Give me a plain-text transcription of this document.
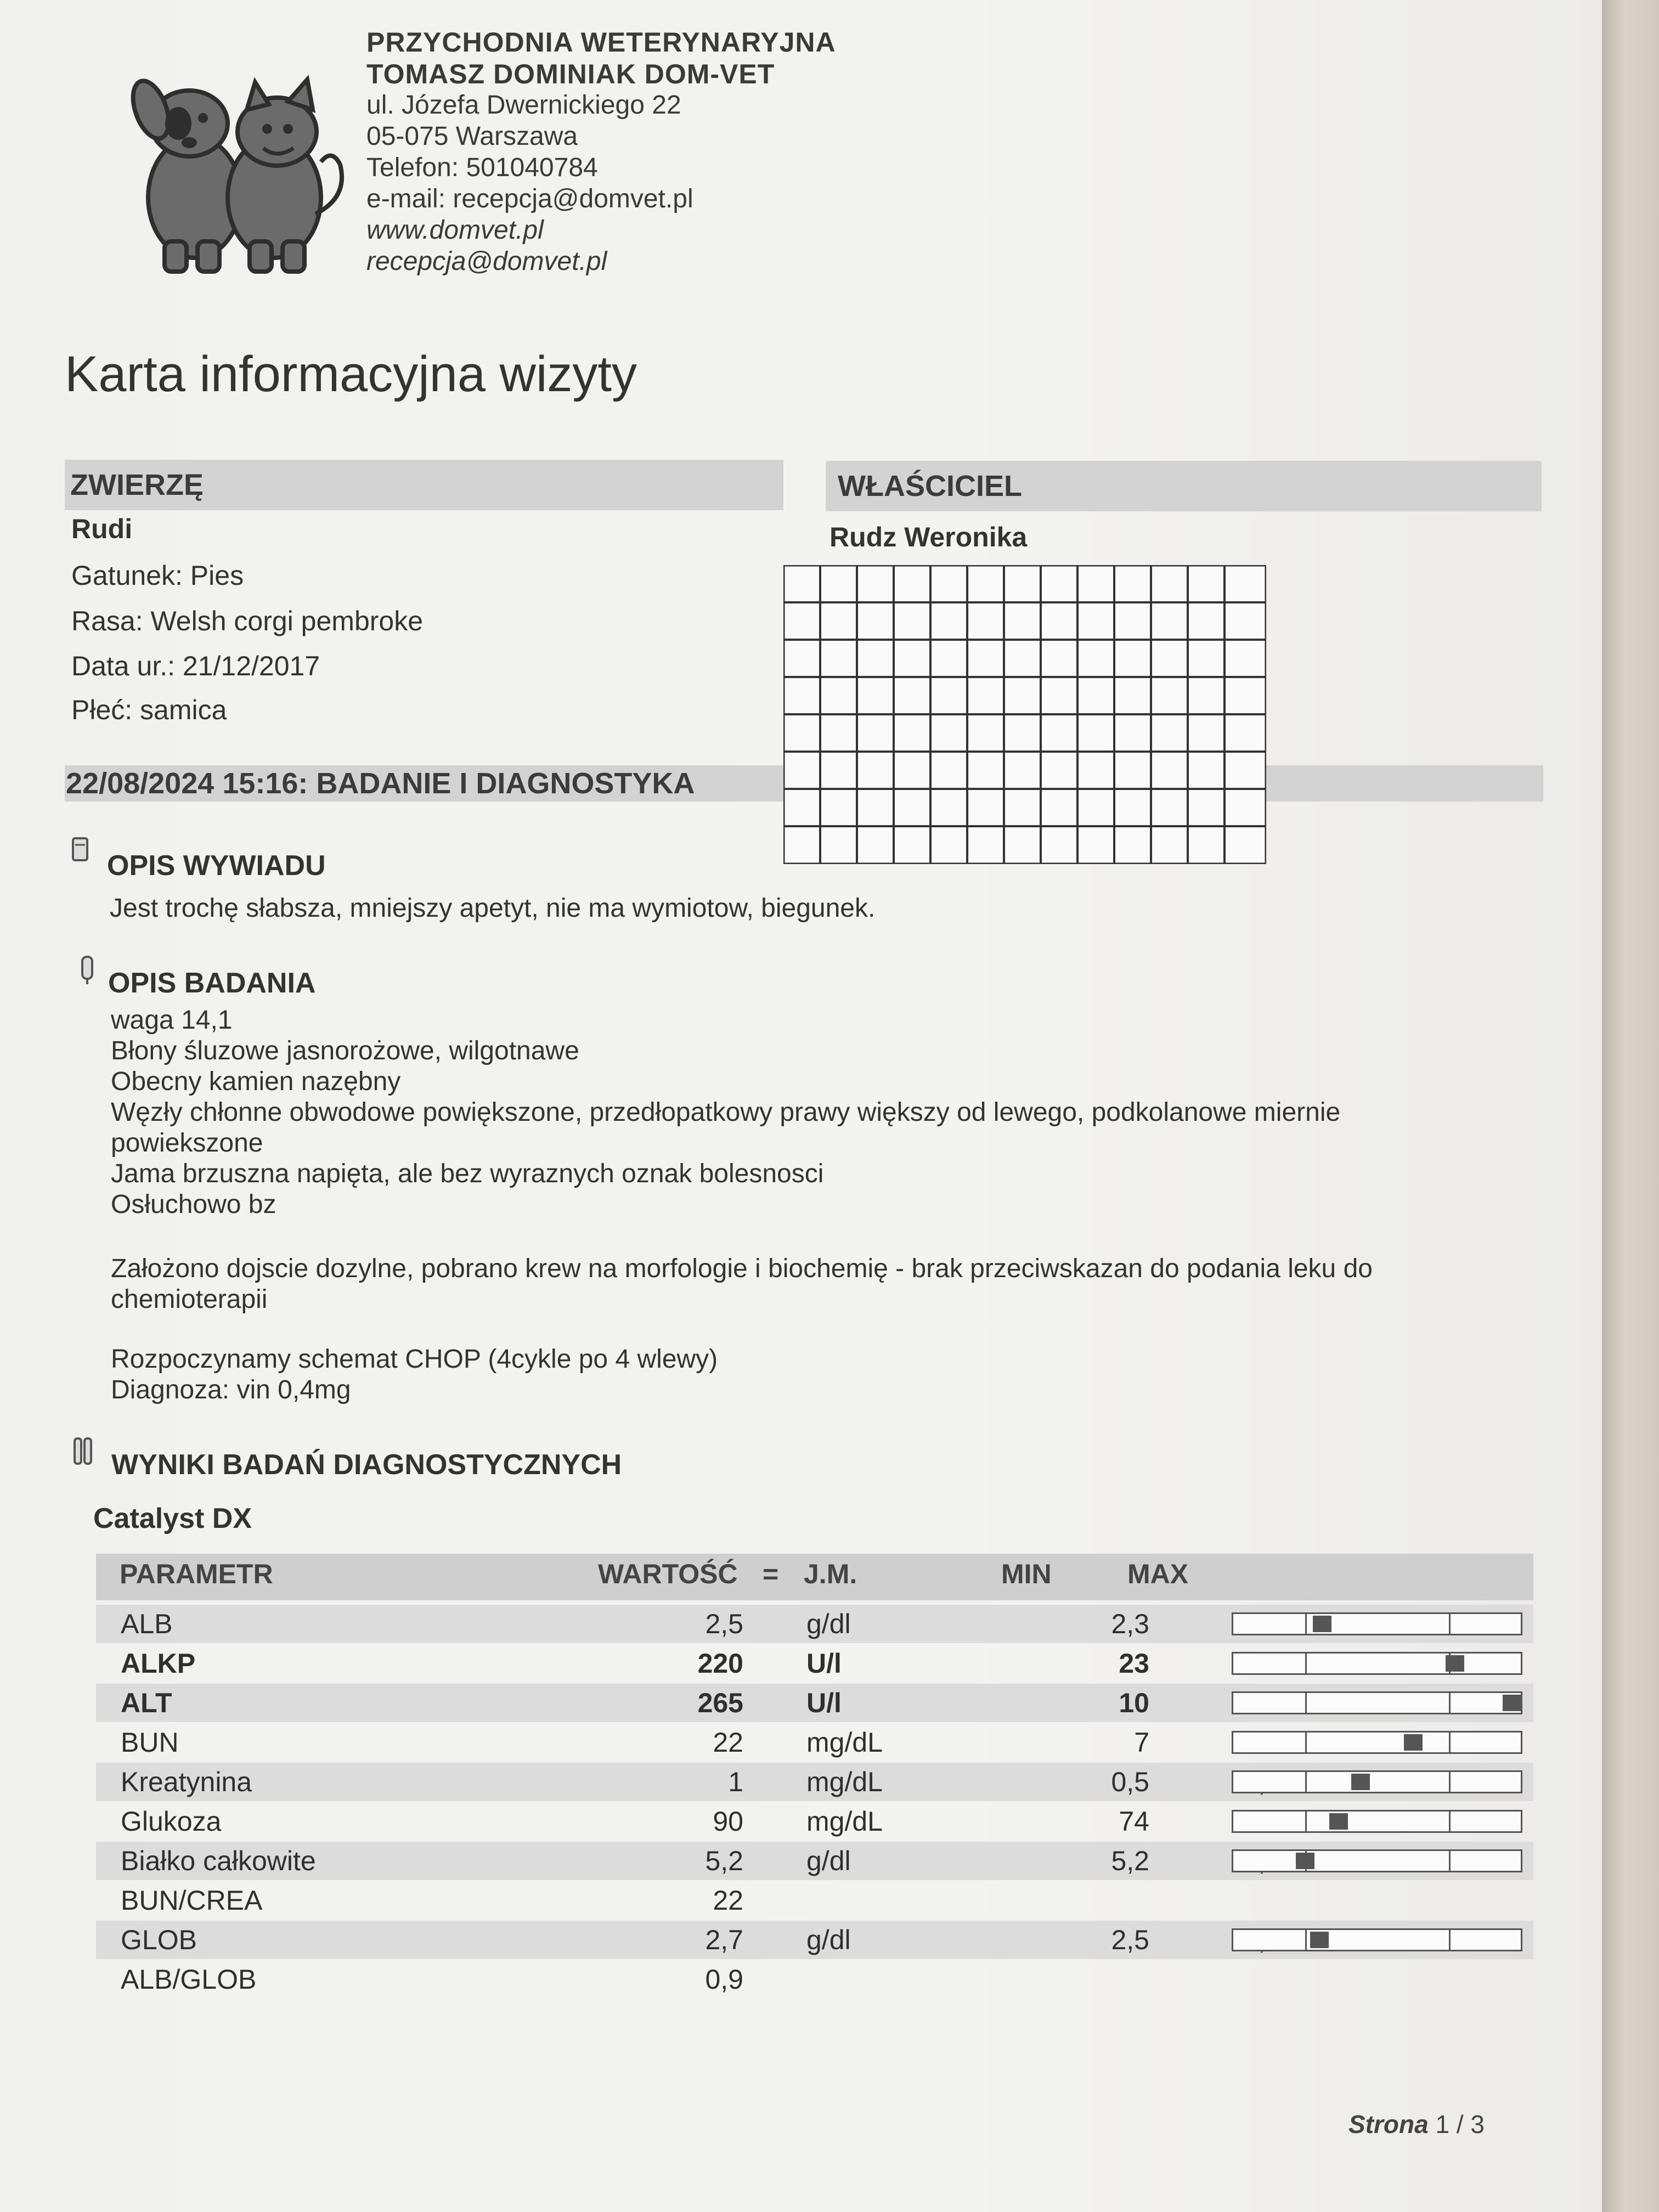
PRZYCHODNIA WETERYNARYJNA
TOMASZ DOMINIAK DOM-VET
ul. Józefa Dwernickiego 22
05-075 Warszawa
Telefon: 501040784
e-mail: recepcja@domvet.pl
www.domvet.pl
recepcja@domvet.pl
Karta informacyjna wizyty
ZWIERZĘ	WŁAŚCICIEL
Rudi
Gatunek: Pies
Rasa: Welsh corgi pembroke
Data ur.: 21/12/2017
Płeć: samica
Rudz Weronika
22/08/2024 15:16: BADANIE I DIAGNOSTYKA
OPIS WYWIADU
Jest trochę słabsza, mniejszy apetyt, nie ma wymiotow, biegunek.
OPIS BADANIA
waga 14,1
Błony śluzowe jasnorożowe, wilgotnawe
Obecny kamien nazębny
Węzły chłonne obwodowe powiększone, przedłopatkowy prawy większy od lewego, podkolanowe miernie
powiekszone
Jama brzuszna napięta, ale bez wyraznych oznak bolesnosci
Osłuchowo bz
Założono dojscie dozylne, pobrano krew na morfologie i biochemię - brak przeciwskazan do podania leku do
chemioterapii
Rozpoczynamy schemat CHOP (4cykle po 4 wlewy)
Diagnoza: vin 0,4mg
WYNIKI BADAŃ DIAGNOSTYCZNYCH
Catalyst DX
PARAMETR	WARTOŚĆ = J.M.	MIN	MAX
ALB	2,5 g/dl	2,3
ALKP	220 U/l	23
ALT	265 U/l	10
BUN	22 mg/dL	7
Kreatynina	1 mg/dL	0,5
Glukoza	90 mg/dL	74
Białko całkowite	5,2 g/dl	5,2
BUN/CREA	22
GLOB	2,7 g/dl	2,5
ALB/GLOB	0,9
Strona 1 / 3
